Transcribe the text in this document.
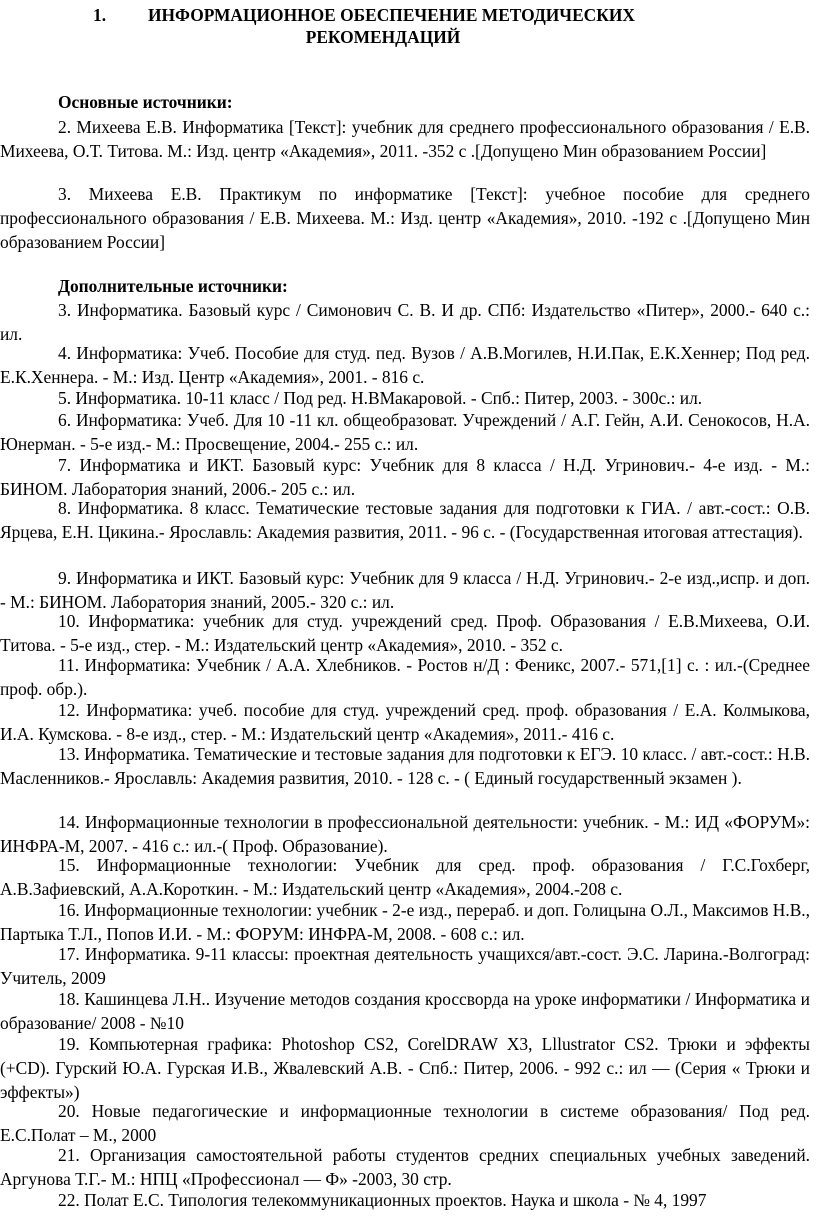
1. ИНФОРМАЦИОННОЕ ОБЕСПЕЧЕНИЕ МЕТОДИЧЕСКИХ
РЕКОМЕНДАЦИЙ
Основные источники:
2. Михеева Е.В. Информатика [Текст]: учебник для среднего профессионального образования / Е.В. Михеева, О.Т. Титова. М.: Изд. центр «Академия», 2011. -352 с .[Допущено Мин образованием России]
3. Михеева Е.В. Практикум по информатике [Текст]: учебное пособие для среднего профессионального образования / Е.В. Михеева. М.: Изд. центр «Академия», 2010. -192 с .[Допущено Мин образованием России]
Дополнительные источники:
3. Информатика. Базовый курс / Симонович С. В. И др. СПб: Издательство «Питер», 2000.- 640 с.: ил.
4. Информатика: Учеб. Пособие для студ. пед. Вузов / А.В.Могилев, Н.И.Пак, Е.К.Хеннер; Под ред. Е.К.Хеннера. - М.: Изд. Центр «Академия», 2001. - 816 с.
5. Информатика. 10-11 класс / Под ред. Н.ВМакаровой. - Спб.: Питер, 2003. - 300с.: ил.
6. Информатика: Учеб. Для 10 -11 кл. общеобразоват. Учреждений / А.Г. Гейн, А.И. Сенокосов, Н.А. Юнерман. - 5-е изд.- М.: Просвещение, 2004.- 255 с.: ил.
7. Информатика и ИКТ. Базовый курс: Учебник для 8 класса / Н.Д. Угринович.- 4-е изд. - М.: БИНОМ. Лаборатория знаний, 2006.- 205 с.: ил.
8. Информатика. 8 класс. Тематические тестовые задания для подготовки к ГИА. / авт.-сост.: О.В. Ярцева, Е.Н. Цикина.- Ярославль: Академия развития, 2011. - 96 с. - (Государственная итоговая аттестация).
9. Информатика и ИКТ. Базовый курс: Учебник для 9 класса / Н.Д. Угринович.- 2-е изд.,испр. и доп. - М.: БИНОМ. Лаборатория знаний, 2005.- 320 с.: ил.
10. Информатика: учебник для студ. учреждений сред. Проф. Образования / Е.В.Михеева, О.И. Титова. - 5-е изд., стер. - М.: Издательский центр «Академия», 2010. - 352 с.
11. Информатика: Учебник / А.А. Хлебников. - Ростов н/Д : Феникс, 2007.- 571,[1] с. : ил.-(Среднее проф. обр.).
12. Информатика: учеб. пособие для студ. учреждений сред. проф. образования / Е.А. Колмыкова, И.А. Кумскова. - 8-е изд., стер. - М.: Издательский центр «Академия», 2011.- 416 с.
13. Информатика. Тематические и тестовые задания для подготовки к ЕГЭ. 10 класс. / авт.-сост.: Н.В. Масленников.- Ярославль: Академия развития, 2010. - 128 с. - ( Единый государственный экзамен ).
14. Информационные технологии в профессиональной деятельности: учебник. - М.: ИД «ФОРУМ»: ИНФРА-М, 2007. - 416 с.: ил.-( Проф. Образование).
15. Информационные технологии: Учебник для сред. проф. образования / Г.С.Гохберг, А.В.Зафиевский, А.А.Короткин. - М.: Издательский центр «Академия», 2004.-208 с.
16. Информационные технологии: учебник - 2-е изд., перераб. и доп. Голицына О.Л., Максимов Н.В., Партыка Т.Л., Попов И.И. - М.: ФОРУМ: ИНФРА-М, 2008. - 608 с.: ил.
17. Информатика. 9-11 классы: проектная деятельность учащихся/авт.-сост. Э.С. Ларина.-Волгоград: Учитель, 2009
18. Кашинцева Л.Н.. Изучение методов создания кроссворда на уроке информатики / Информатика и образование/ 2008 - №10
19. Компьютерная графика: Photoshop CS2, CorelDRAW X3, Lllustrator CS2. Трюки и эффекты (+CD). Гурский Ю.А. Гурская И.В., Жвалевский А.В. - Спб.: Питер, 2006. - 992 с.: ил — (Серия « Трюки и эффекты»)
20. Новые педагогические и информационные технологии в системе образования/ Под ред. Е.С.Полат – М., 2000
21. Организация самостоятельной работы студентов средних специальных учебных заведений. Аргунова Т.Г.- М.: НПЦ «Профессионал — Ф» -2003, 30 стр.
22. Полат Е.С. Типология телекоммуникационных проектов. Наука и школа - № 4, 1997
